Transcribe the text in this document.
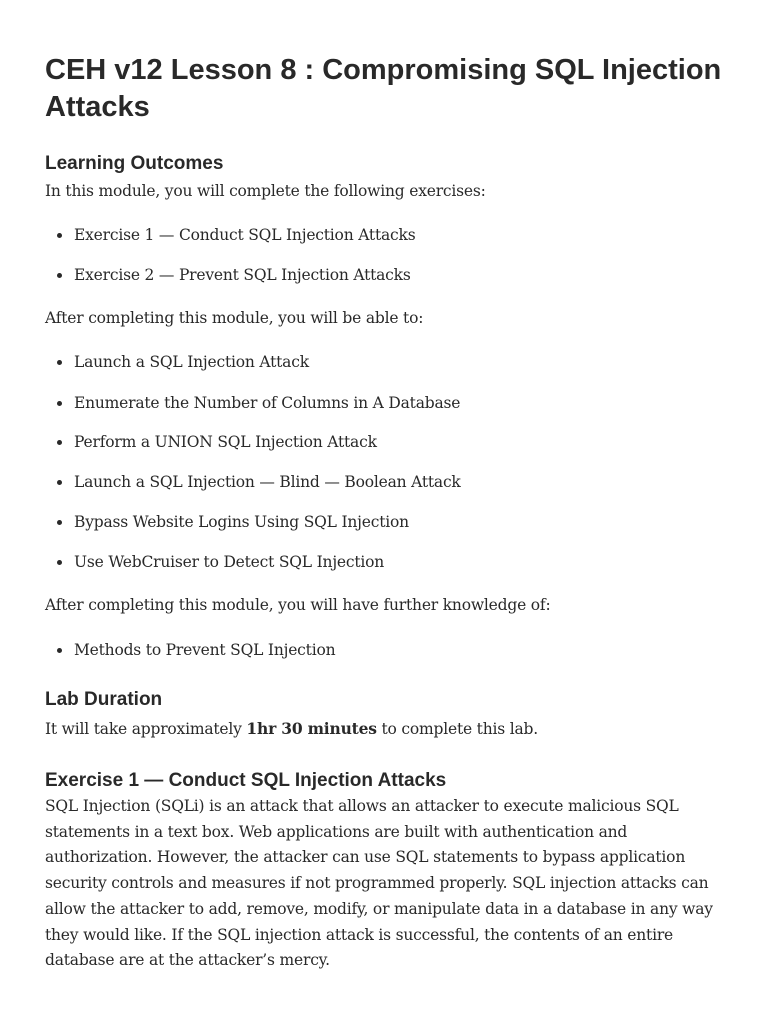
CEH v12 Lesson 8 : Compromising SQL Injection Attacks
Learning Outcomes

In this module, you will complete the following exercises:

Exercise 1 — Conduct SQL Injection Attacks
Exercise 2 — Prevent SQL Injection Attacks

After completing this module, you will be able to:

Launch a SQL Injection Attack
Enumerate the Number of Columns in A Database
Perform a UNION SQL Injection Attack
Launch a SQL Injection — Blind — Boolean Attack
Bypass Website Logins Using SQL Injection
Use WebCruiser to Detect SQL Injection

After completing this module, you will have further knowledge of:

Methods to Prevent SQL Injection
Lab Duration

It will take approximately 1hr 30 minutes to complete this lab.

Exercise 1 — Conduct SQL Injection Attacks

SQL Injection (SQLi) is an attack that allows an attacker to execute malicious SQL statements in a text box. Web applications are built with authentication and authorization. However, the attacker can use SQL statements to bypass application security controls and measures if not programmed properly. SQL injection attacks can allow the attacker to add, remove, modify, or manipulate data in a database in any way they would like. If the SQL injection attack is successful, the contents of an entire database are at the attacker’s mercy.
